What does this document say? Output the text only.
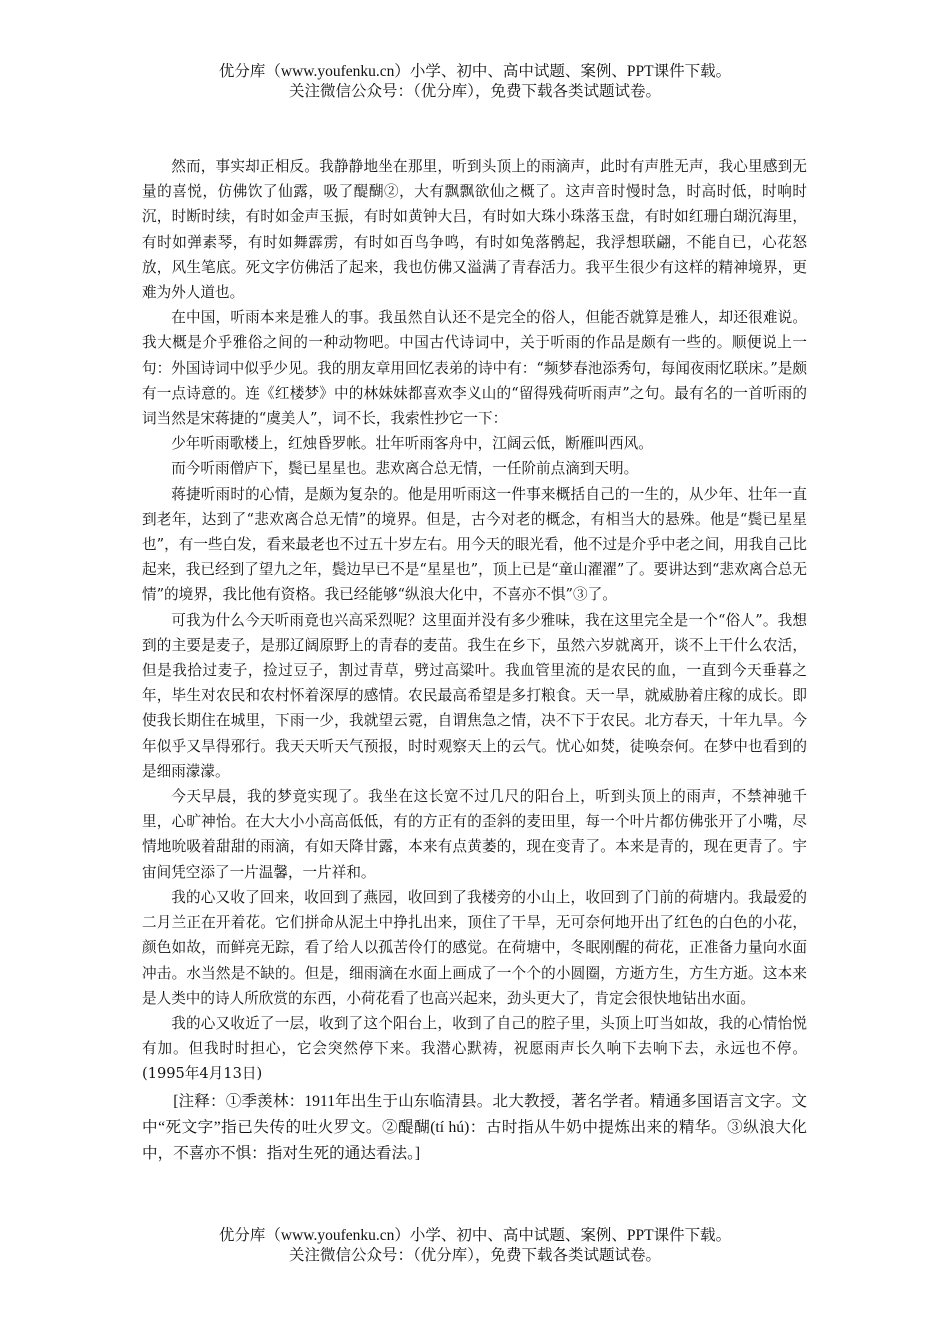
优分库（www.youfenku.cn）小学、初中、高中试题、案例、PPT课件下载。
关注微信公众号：（优分库），免费下载各类试题试卷。

然而，事实却正相反。我静静地坐在那里，听到头顶上的雨滴声，此时有声胜无声，我心里感到无量的喜悦，仿佛饮了仙露，吸了醍醐②，大有飘飘欲仙之概了。这声音时慢时急，时高时低，时响时沉，时断时续，有时如金声玉振，有时如黄钟大吕，有时如大珠小珠落玉盘，有时如红珊白瑚沉海里，有时如弹素琴，有时如舞霹雳，有时如百鸟争鸣，有时如兔落鹘起，我浮想联翩，不能自已，心花怒放，风生笔底。死文字仿佛活了起来，我也仿佛又溢满了青春活力。我平生很少有这样的精神境界，更难为外人道也。

在中国，听雨本来是雅人的事。我虽然自认还不是完全的俗人，但能否就算是雅人，却还很难说。我大概是介乎雅俗之间的一种动物吧。中国古代诗词中，关于听雨的作品是颇有一些的。顺便说上一句：外国诗词中似乎少见。我的朋友章用回忆表弟的诗中有：“频梦春池添秀句，每闻夜雨忆联床。”是颇有一点诗意的。连《红楼梦》中的林妹妹都喜欢李义山的“留得残荷听雨声”之句。最有名的一首听雨的词当然是宋蒋捷的“虞美人”，词不长，我索性抄它一下：

少年听雨歌楼上，红烛昏罗帐。壮年听雨客舟中，江阔云低，断雁叫西风。

而今听雨僧庐下，鬓已星星也。悲欢离合总无情，一任阶前点滴到天明。

蒋捷听雨时的心情，是颇为复杂的。他是用听雨这一件事来概括自己的一生的，从少年、壮年一直到老年，达到了“悲欢离合总无情”的境界。但是，古今对老的概念，有相当大的悬殊。他是“鬓已星星也”，有一些白发，看来最老也不过五十岁左右。用今天的眼光看，他不过是介乎中老之间，用我自己比起来，我已经到了望九之年，鬓边早已不是“星星也”，顶上已是“童山濯濯”了。要讲达到“悲欢离合总无情”的境界，我比他有资格。我已经能够“纵浪大化中，不喜亦不惧”③了。

可我为什么今天听雨竟也兴高采烈呢？这里面并没有多少雅味，我在这里完全是一个“俗人”。我想到的主要是麦子，是那辽阔原野上的青春的麦苗。我生在乡下，虽然六岁就离开，谈不上干什么农活，但是我拾过麦子，捡过豆子，割过青草，劈过高粱叶。我血管里流的是农民的血，一直到今天垂暮之年，毕生对农民和农村怀着深厚的感情。农民最高希望是多打粮食。天一旱，就威胁着庄稼的成长。即使我长期住在城里，下雨一少，我就望云霓，自谓焦急之情，决不下于农民。北方春天，十年九旱。今年似乎又旱得邪行。我天天听天气预报，时时观察天上的云气。忧心如焚，徒唤奈何。在梦中也看到的是细雨濛濛。

今天早晨，我的梦竟实现了。我坐在这长宽不过几尺的阳台上，听到头顶上的雨声，不禁神驰千里，心旷神怡。在大大小小高高低低，有的方正有的歪斜的麦田里，每一个叶片都仿佛张开了小嘴，尽情地吮吸着甜甜的雨滴，有如天降甘露，本来有点黄萎的，现在变青了。本来是青的，现在更青了。宇宙间凭空添了一片温馨，一片祥和。

我的心又收了回来，收回到了燕园，收回到了我楼旁的小山上，收回到了门前的荷塘内。我最爱的二月兰正在开着花。它们拼命从泥土中挣扎出来，顶住了干旱，无可奈何地开出了红色的白色的小花，颜色如故，而鲜亮无踪，看了给人以孤苦伶仃的感觉。在荷塘中，冬眠刚醒的荷花，正准备力量向水面冲击。水当然是不缺的。但是，细雨滴在水面上画成了一个个的小圆圈，方逝方生，方生方逝。这本来是人类中的诗人所欣赏的东西，小荷花看了也高兴起来，劲头更大了，肯定会很快地钻出水面。

我的心又收近了一层，收到了这个阳台上，收到了自己的腔子里，头顶上叮当如故，我的心情怡悦有加。但我时时担心，它会突然停下来。我潜心默祷，祝愿雨声长久响下去响下去，永远也不停。(1995年4月13日)

[注释：①季羡林：1911年出生于山东临清县。北大教授，著名学者。精通多国语言文字。文中“死文字”指已失传的吐火罗文。②醍醐(tí hú)：古时指从牛奶中提炼出来的精华。③纵浪大化中，不喜亦不惧：指对生死的通达看法。]

优分库（www.youfenku.cn）小学、初中、高中试题、案例、PPT课件下载。
关注微信公众号：（优分库），免费下载各类试题试卷。
